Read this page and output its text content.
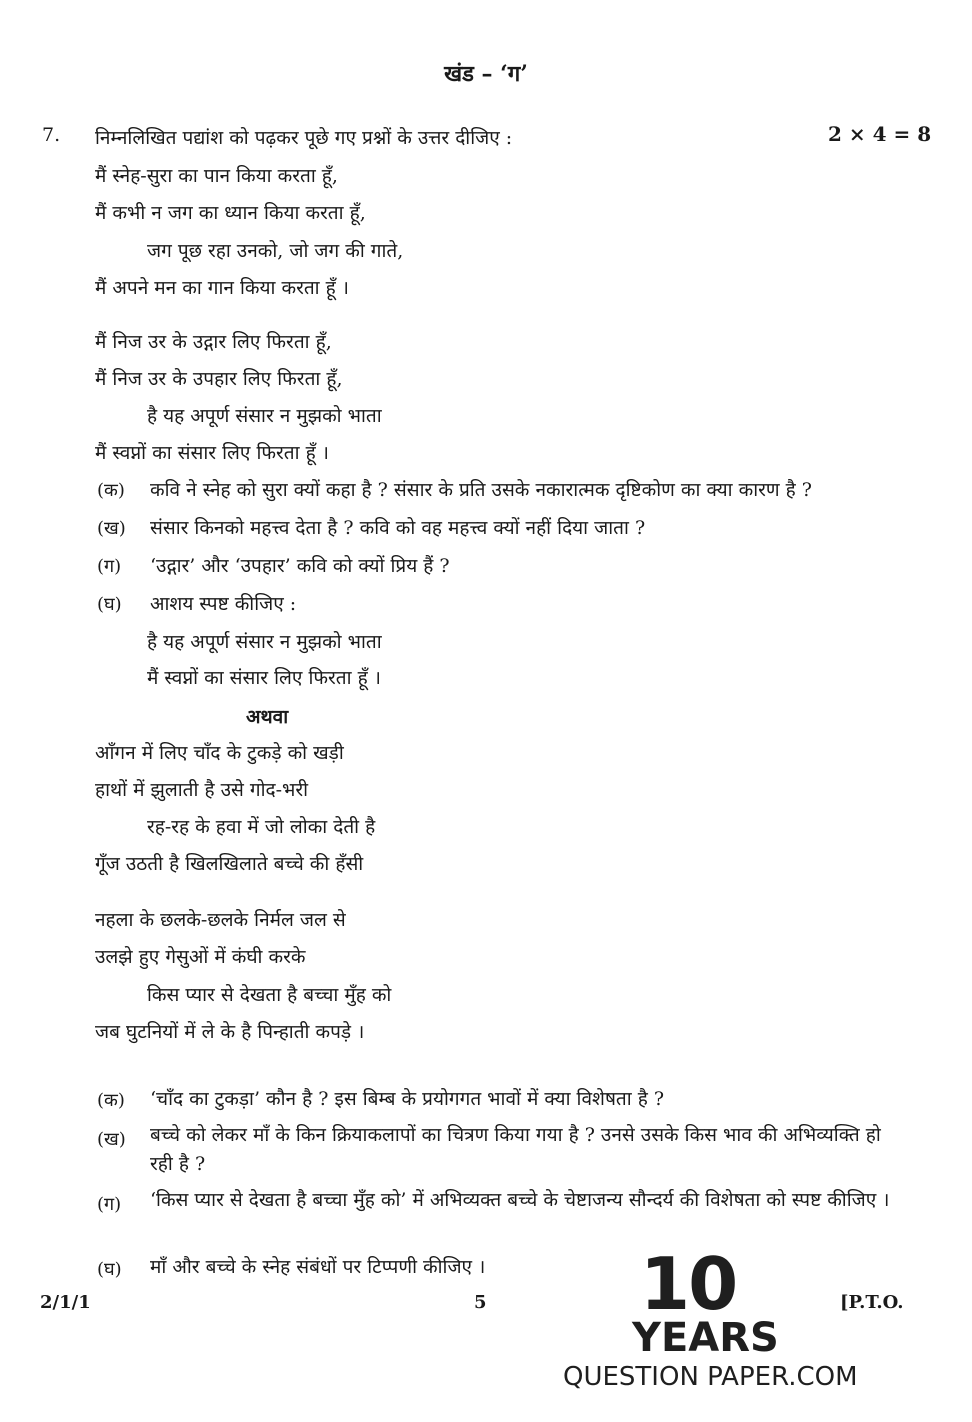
खंड – ‘ग’
7. निम्नलिखित पद्यांश को पढ़कर पूछे गए प्रश्नों के उत्तर दीजिए :	2 × 4 = 8
मैं स्नेह-सुरा का पान किया करता हूँ,
मैं कभी न जग का ध्यान किया करता हूँ,
जग पूछ रहा उनको, जो जग की गाते,
मैं अपने मन का गान किया करता हूँ ।
मैं निज उर के उद्गार लिए फिरता हूँ,
मैं निज उर के उपहार लिए फिरता हूँ,
है यह अपूर्ण संसार न मुझको भाता
मैं स्वप्नों का संसार लिए फिरता हूँ ।
(क) कवि ने स्नेह को सुरा क्यों कहा है ? संसार के प्रति उसके नकारात्मक दृष्टिकोण का क्या कारण है ?
(ख) संसार किनको महत्त्व देता है ? कवि को वह महत्त्व क्यों नहीं दिया जाता ?
(ग) ‘उद्गार’ और ‘उपहार’ कवि को क्यों प्रिय हैं ?
(घ) आशय स्पष्ट कीजिए :
है यह अपूर्ण संसार न मुझको भाता
मैं स्वप्नों का संसार लिए फिरता हूँ ।
अथवा
आँगन में लिए चाँद के टुकड़े को खड़ी
हाथों में झुलाती है उसे गोद-भरी
रह-रह के हवा में जो लोका देती है
गूँज उठती है खिलखिलाते बच्चे की हँसी
नहला के छलके-छलके निर्मल जल से
उलझे हुए गेसुओं में कंघी करके
किस प्यार से देखता है बच्चा मुँह को
जब घुटनियों में ले के है पिन्हाती कपड़े ।
(क) ‘चाँद का टुकड़ा’ कौन है ? इस बिम्ब के प्रयोगगत भावों में क्या विशेषता है ?
(ख) बच्चे को लेकर माँ के किन क्रियाकलापों का चित्रण किया गया है ? उनसे उसके किस भाव की अभिव्यक्ति हो रही है ?
(ग) ‘किस प्यार से देखता है बच्चा मुँह को’ में अभिव्यक्त बच्चे के चेष्टाजन्य सौन्दर्य की विशेषता को स्पष्ट कीजिए ।
(घ) माँ और बच्चे के स्नेह संबंधों पर टिप्पणी कीजिए ।
2/1/1	5	[P.T.O.
10
YEARS
QUESTION PAPER.COM
